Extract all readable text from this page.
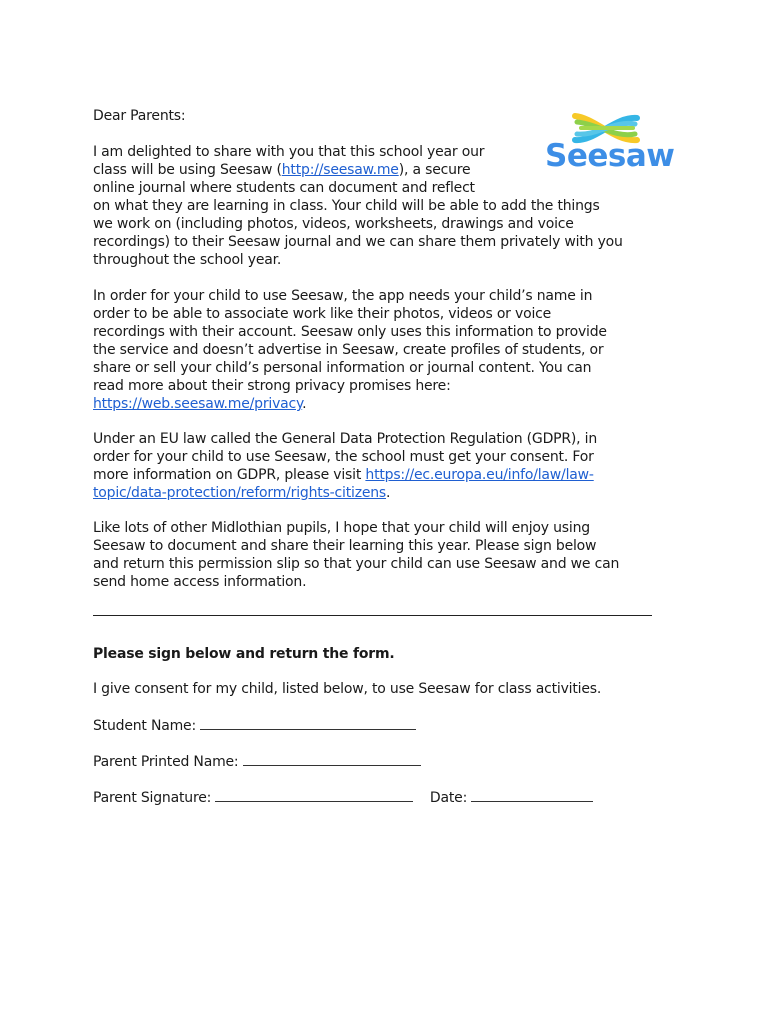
Dear Parents:
Seesaw
I am delighted to share with you that this school year our
class will be using Seesaw (http://seesaw.me), a secure
online journal where students can document and reflect
on what they are learning in class. Your child will be able to add the things
we work on (including photos, videos, worksheets, drawings and voice
recordings) to their Seesaw journal and we can share them privately with you
throughout the school year.
In order for your child to use Seesaw, the app needs your child’s name in
order to be able to associate work like their photos, videos or voice
recordings with their account. Seesaw only uses this information to provide
the service and doesn’t advertise in Seesaw, create profiles of students, or
share or sell your child’s personal information or journal content. You can
read more about their strong privacy promises here:
https://web.seesaw.me/privacy.
Under an EU law called the General Data Protection Regulation (GDPR), in
order for your child to use Seesaw, the school must get your consent. For
more information on GDPR, please visit https://ec.europa.eu/info/law/law-
topic/data-protection/reform/rights-citizens.
Like lots of other Midlothian pupils, I hope that your child will enjoy using
Seesaw to document and share their learning this year. Please sign below
and return this permission slip so that your child can use Seesaw and we can
send home access information.
Please sign below and return the form.
I give consent for my child, listed below, to use Seesaw for class activities.
Student Name:
Parent Printed Name:
Parent Signature:	Date:
